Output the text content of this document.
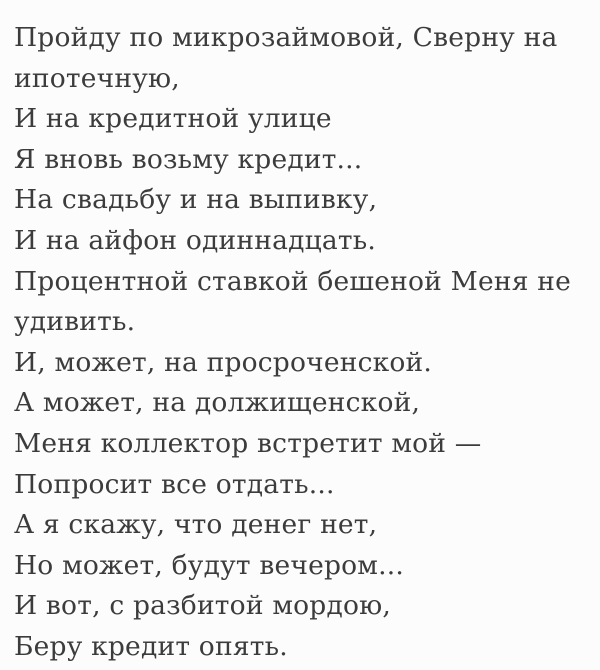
Пройду по микрозаймовой, Сверну на

ипотечную,

И на кредитной улице

Я вновь возьму кредит...

На свадьбу и на выпивку,

И на айфон одиннадцать.

Процентной ставкой бешеной Меня не

удивить.

И, может, на просроченской.

А может, на должищенской,

Меня коллектор встретит мой —

Попросит все отдать...

А я скажу, что денег нет,

Но может, будут вечером...

И вот, с разбитой мордою,

Беру кредит опять.
